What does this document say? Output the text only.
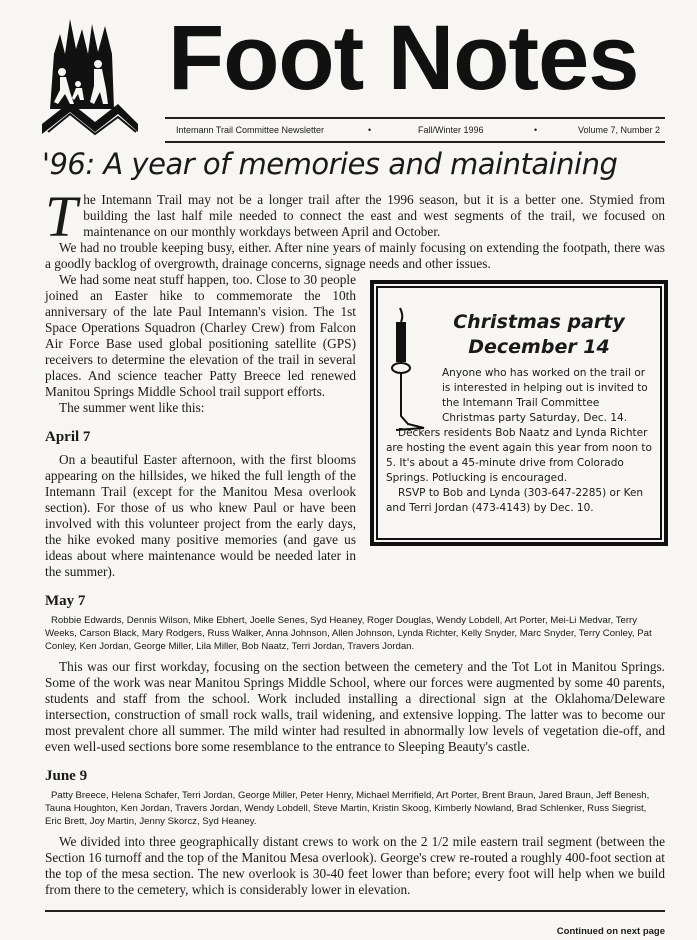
Foot Notes
Intemann Trail Committee Newsletter	•	Fall/Winter 1996	•	Volume 7, Number 2
'96: A year of memories and maintaining

The Intemann Trail may not be a longer trail after the 1996 season, but it is a better one. Stymied from building the last half mile needed to connect the east and west segments of the trail, we focused on maintenance on our monthly workdays between April and October.

We had no trouble keeping busy, either. After nine years of mainly focusing on extending the footpath, there was a goodly backlog of overgrowth, drainage concerns, signage needs and other issues.

Christmas party
December 14

Anyone who has worked on the trail or is interested in helping out is invited to the Intemann Trail Committee Christmas party Saturday, Dec. 14.

Deckers residents Bob Naatz and Lynda Richter are hosting the event again this year from noon to 5. It's about a 45-minute drive from Colorado Springs. Potlucking is encouraged.

RSVP to Bob and Lynda (303-647-2285) or Ken and Terri Jordan (473-4143) by Dec. 10.

We had some neat stuff happen, too. Close to 30 people joined an Easter hike to commemorate the 10th anniversary of the late Paul Intemann's vision. The 1st Space Operations Squadron (Charley Crew) from Falcon Air Force Base used global positioning satellite (GPS) receivers to determine the elevation of the trail in several places. And science teacher Patty Breece led renewed Manitou Springs Middle School trail support efforts.

The summer went like this:

April 7

On a beautiful Easter afternoon, with the first blooms appearing on the hillsides, we hiked the full length of the Intemann Trail (except for the Manitou Mesa overlook section). For those of us who knew Paul or have been involved with this volunteer project from the early days, the hike evoked many positive memories (and gave us ideas about where maintenance would be needed later in the summer).

May 7

Robbie Edwards, Dennis Wilson, Mike Ebhert, Joelle Senes, Syd Heaney, Roger Douglas, Wendy Lobdell, Art Porter, Mei-Li Medvar, Terry Weeks, Carson Black, Mary Rodgers, Russ Walker, Anna Johnson, Allen Johnson, Lynda Richter, Kelly Snyder, Marc Snyder, Terry Conley, Pat Conley, Ken Jordan, George Miller, Lila Miller, Bob Naatz, Terri Jordan, Travers Jordan.

This was our first workday, focusing on the section between the cemetery and the Tot Lot in Manitou Springs. Some of the work was near Manitou Springs Middle School, where our forces were augmented by some 40 parents, students and staff from the school. Work included installing a directional sign at the Oklahoma/Deleware intersection, construction of small rock walls, trail widening, and extensive lopping. The latter was to become our most prevalent chore all summer. The mild winter had resulted in abnormally low levels of vegetation die-off, and even well-used sections bore some resemblance to the entrance to Sleeping Beauty's castle.

June 9

Patty Breece, Helena Schafer, Terri Jordan, George Miller, Peter Henry, Michael Merrifield, Art Porter, Brent Braun, Jared Braun, Jeff Benesh, Tauna Houghton, Ken Jordan, Travers Jordan, Wendy Lobdell, Steve Martin, Kristin Skoog, Kimberly Nowland, Brad Schlenker, Russ Siegrist, Eric Brett, Joy Martin, Jenny Skorcz, Syd Heaney.

We divided into three geographically distant crews to work on the 2 1/2 mile eastern trail segment (between the Section 16 turnoff and the top of the Manitou Mesa overlook). George's crew re-routed a roughly 400-foot section at the top of the mesa section. The new overlook is 30-40 feet lower than before; every foot will help when we build from there to the cemetery, which is considerably lower in elevation.

Continued on next page
